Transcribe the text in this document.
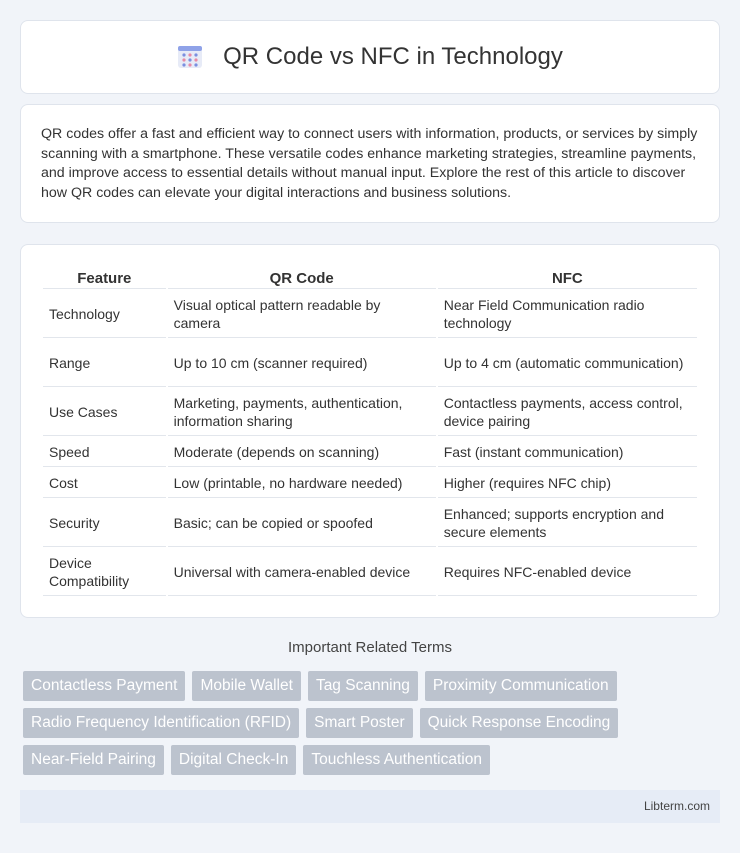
QR Code vs NFC in Technology

QR codes offer a fast and efficient way to connect users with information, products, or services by simply scanning with a smartphone. These versatile codes enhance marketing strategies, streamline payments, and improve access to essential details without manual input. Explore the rest of this article to discover how QR codes can elevate your digital interactions and business solutions.

Feature	QR Code	NFC
Technology	Visual optical pattern readable by camera	Near Field Communication radio technology
Range	Up to 10 cm (scanner required)	Up to 4 cm (automatic communication)
Use Cases	Marketing, payments, authentication, information sharing	Contactless payments, access control, device pairing
Speed	Moderate (depends on scanning)	Fast (instant communication)
Cost	Low (printable, no hardware needed)	Higher (requires NFC chip)
Security	Basic; can be copied or spoofed	Enhanced; supports encryption and secure elements
Device Compatibility	Universal with camera-enabled device	Requires NFC-enabled device
Important Related Terms
Contactless Payment	Mobile Wallet	Tag Scanning	Proximity Communication
Radio Frequency Identification (RFID)	Smart Poster	Quick Response Encoding
Near-Field Pairing	Digital Check-In	Touchless Authentication
Libterm.com
